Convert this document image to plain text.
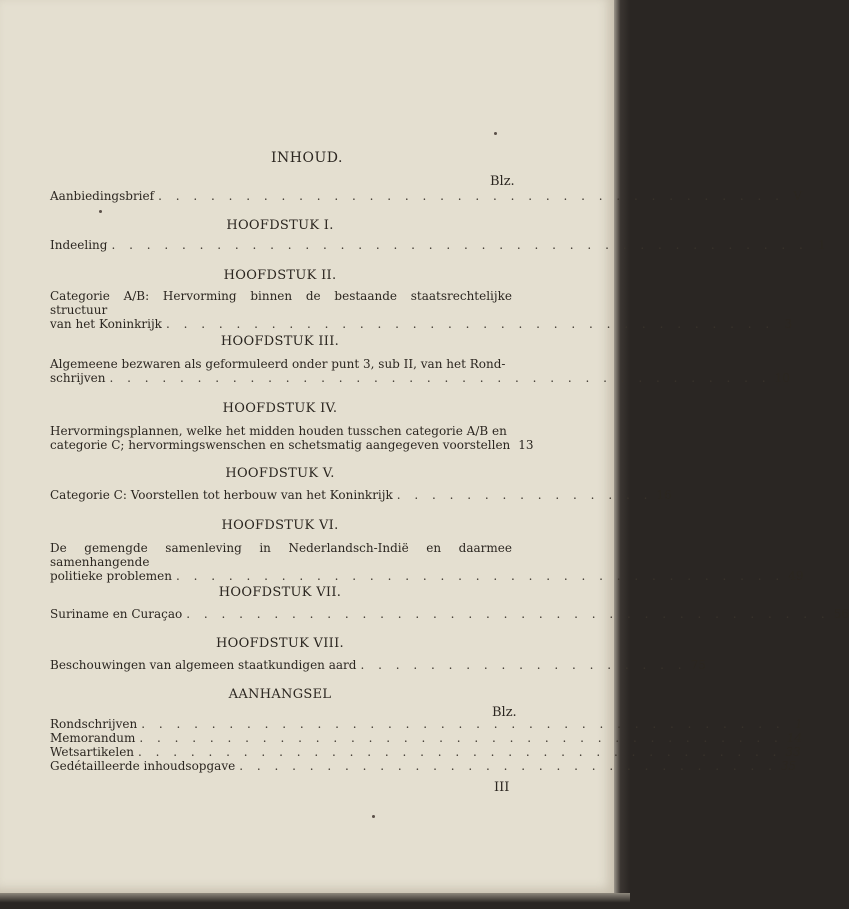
INHOUD.
Blz.
Aanbiedingsbrief . . . . . . . . . . . . . . . . . . . . . . . . . . . . . . . . . . . . V
HOOFDSTUK I.
Indeeling . . . . . . . . . . . . . . . . . . . . . . . . . . . . . . . . . . . . . . . . 1
HOOFDSTUK II.
Categorie A/B: Hervorming binnen de bestaande staatsrechtelijke structuur
van het Koninkrijk . . . . . . . . . . . . . . . . . . . . . . . . . . . . . . . . . . . 3
HOOFDSTUK III.
Algemeene bezwaren als geformuleerd onder punt 3, sub II, van het Rond-
schrijven . . . . . . . . . . . . . . . . . . . . . . . . . . . . . . . . . . . . . . 10
HOOFDSTUK IV.
Hervormingsplannen, welke het midden houden tusschen categorie A/B en
categorie C; hervormingswenschen en schetsmatig aangegeven voorstellen 13
HOOFDSTUK V.
Categorie C: Voorstellen tot herbouw van het Koninkrijk . . . . . . . . . . . . . . . 16
HOOFDSTUK VI.
De gemengde samenleving in Nederlandsch-Indië en daarmee samenhangende
politieke problemen . . . . . . . . . . . . . . . . . . . . . . . . . . . . . . . . . . . 49
HOOFDSTUK VII.
Suriname en Curaçao . . . . . . . . . . . . . . . . . . . . . . . . . . . . . . . . . . . . . 56
HOOFDSTUK VIII.
Beschouwingen van algemeen staatkundigen aard . . . . . . . . . . . . . . . . . . . 75
AANHANGSEL
Blz.
Rondschrijven . . . . . . . . . . . . . . . . . . . . . . . . . . . . . . . . . . . . . 1
Memorandum . . . . . . . . . . . . . . . . . . . . . . . . . . . . . . . . . . . . . 14
Wetsartikelen . . . . . . . . . . . . . . . . . . . . . . . . . . . . . . . . . . . . . 33
Gedétailleerde inhoudsopgave . . . . . . . . . . . . . . . . . . . . . . . . . . . . . . . 35
III
